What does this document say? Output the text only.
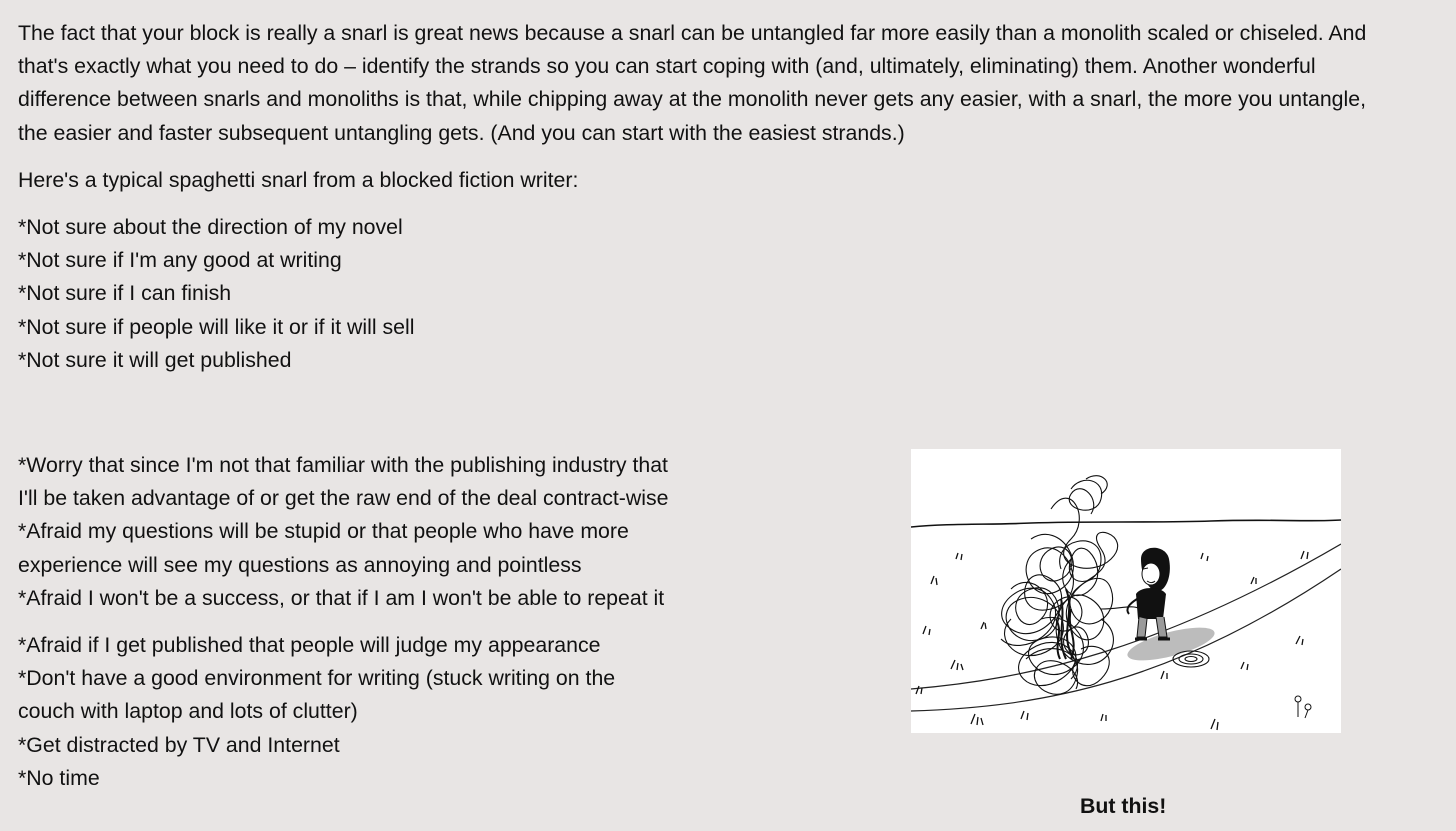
The fact that your block is really a snarl is great news because a snarl can be untangled far more easily than a monolith scaled or chiseled. And
that's exactly what you need to do – identify the strands so you can start coping with (and, ultimately, eliminating) them. Another wonderful
difference between snarls and monoliths is that, while chipping away at the monolith never gets any easier, with a snarl, the more you untangle,
the easier and faster subsequent untangling gets. (And you can start with the easiest strands.)
Here's a typical spaghetti snarl from a blocked fiction writer:
*Not sure about the direction of my novel
*Not sure if I'm any good at writing
*Not sure if I can finish
*Not sure if people will like it or if it will sell
*Not sure it will get published
*Worry that since I'm not that familiar with the publishing industry that
I'll be taken advantage of or get the raw end of the deal contract-wise
*Afraid my questions will be stupid or that people who have more
experience will see my questions as annoying and pointless
*Afraid I won't be a success, or that if I am I won't be able to repeat it
*Afraid if I get published that people will judge my appearance
*Don't have a good environment for writing (stuck writing on the
couch with laptop and lots of clutter)
*Get distracted by TV and Internet
*No time
But this!
